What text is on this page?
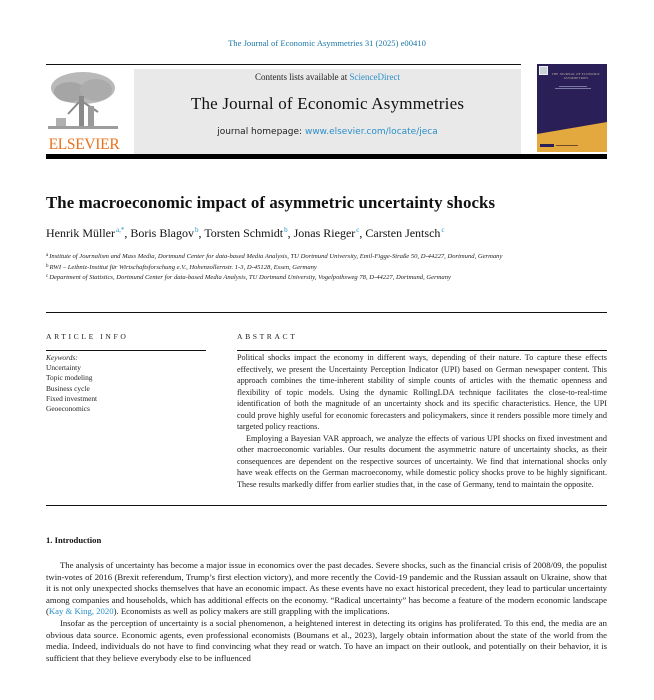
The Journal of Economic Asymmetries 31 (2025) e00410
ELSEVIER
Contents lists available at ScienceDirect
The Journal of Economic Asymmetries
journal homepage: www.elsevier.com/locate/jeca
THE JOURNAL OF ECONOMIC ASYMMETRIES
The macroeconomic impact of asymmetric uncertainty shocks
Henrik Müller$^{a,*}$, Boris Blagov$^b$, Torsten Schmidt$^b$, Jonas Rieger$^c$, Carsten Jentsch$^c$
$^a$Institute of Journalism and Mass Media, Dortmund Center for data-based Media Analysis, TU Dortmund University, Emil-Figge-Straße 50, D-44227, Dortmund, Germany
$^b$RWI – Leibniz-Institut für Wirtschaftsforschung e.V., Hohenzollernstr. 1-3, D-45128, Essen, Germany
$^c$Department of Statistics, Dortmund Center for data-based Media Analysis, TU Dortmund University, Vogelpothsweg 78, D-44227, Dortmund, Germany
ARTICLE INFO	ABSTRACT
Keywords:
Uncertainty
Topic modeling
Business cycle
Fixed investment
Geoeconomics

Political shocks impact the economy in different ways, depending of their nature. To capture these effects effectively, we present the Uncertainty Perception Indicator (UPI) based on German newspaper content. This approach combines the time-inherent stability of simple counts of articles with the thematic openness and flexibility of topic models. Using the dynamic RollingLDA technique facilitates the close-to-real-time identification of both the magnitude of an uncertainty shock and its specific characteristics. Hence, the UPI could prove highly useful for economic forecasters and policymakers, since it renders possible more timely and targeted policy reactions.

Employing a Bayesian VAR approach, we analyze the effects of various UPI shocks on fixed investment and other macroeconomic variables. Our results document the asymmetric nature of uncertainty shocks, as their consequences are dependent on the respective sources of uncertainty. We find that international shocks only have weak effects on the German macroeconomy, while domestic policy shocks prove to be highly significant. These results markedly differ from earlier studies that, in the case of Germany, tend to maintain the opposite.

1. Introduction

The analysis of uncertainty has become a major issue in economics over the past decades. Severe shocks, such as the financial crisis of 2008/09, the populist twin-votes of 2016 (Brexit referendum, Trump’s first election victory), and more recently the Covid-19 pandemic and the Russian assault on Ukraine, show that it is not only unexpected shocks themselves that have an economic impact. As these events have no exact historical precedent, they lead to particular uncertainty among companies and households, which has additional effects on the economy. “Radical uncertainty” has become a feature of the modern economic landscape (Kay & King, 2020). Economists as well as policy makers are still grappling with the implications.

Insofar as the perception of uncertainty is a social phenomenon, a heightened interest in detecting its origins has proliferated. To this end, the media are an obvious data source. Economic agents, even professional economists (Boumans et al., 2023), largely obtain information about the state of the world from the media. Indeed, individuals do not have to find convincing what they read or watch. To have an impact on their outlook, and potentially on their behavior, it is sufficient that they believe everybody else to be influenced
